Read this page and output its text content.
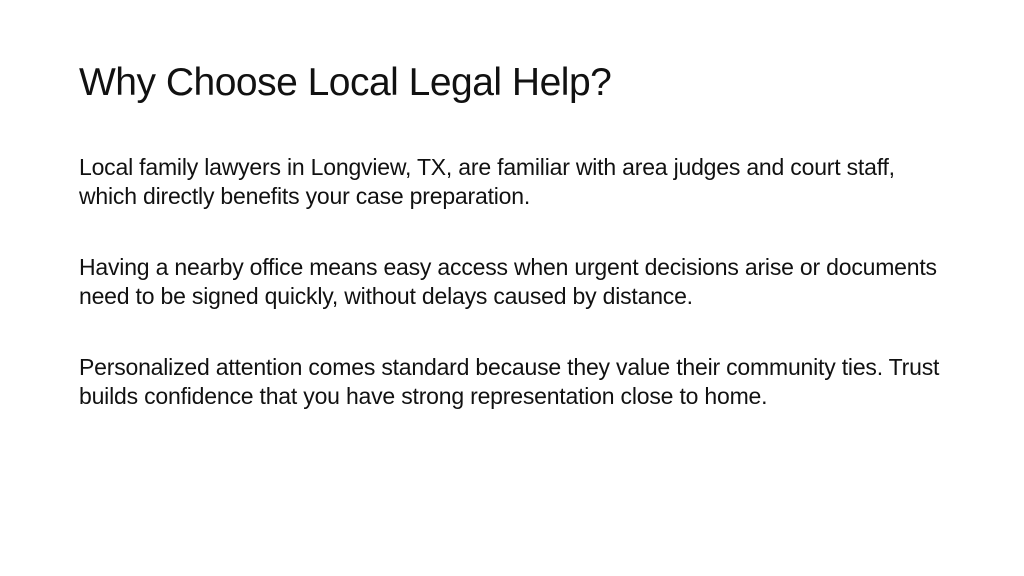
Why Choose Local Legal Help?

Local family lawyers in Longview, TX, are familiar with area judges and court staff, which directly benefits your case preparation.

Having a nearby office means easy access when urgent decisions arise or documents need to be signed quickly, without delays caused by distance.

Personalized attention comes standard because they value their community ties. Trust builds confidence that you have strong representation close to home.
